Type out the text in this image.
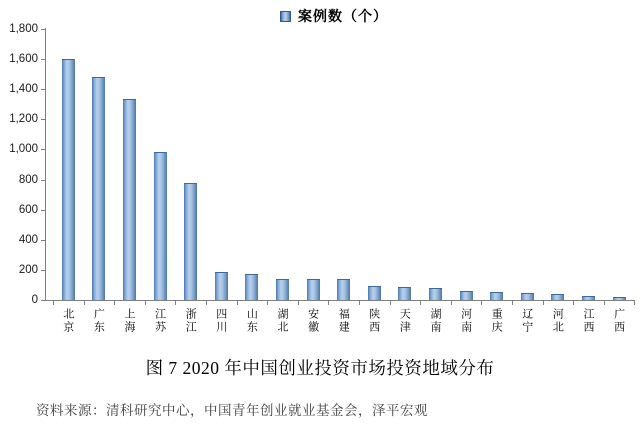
案例数（个）
0
200
400
600
800
1,000
1,200
1,400
1,600
1,800
北京 广东 上海 江苏 浙江 四川 山东 湖北 安徽 福建 陕西 天津 湖南 河南 重庆 辽宁 河北 江西 广西
图 7 2020 年中国创业投资市场投资地域分布
资料来源：清科研究中心，中国青年创业就业基金会，泽平宏观
